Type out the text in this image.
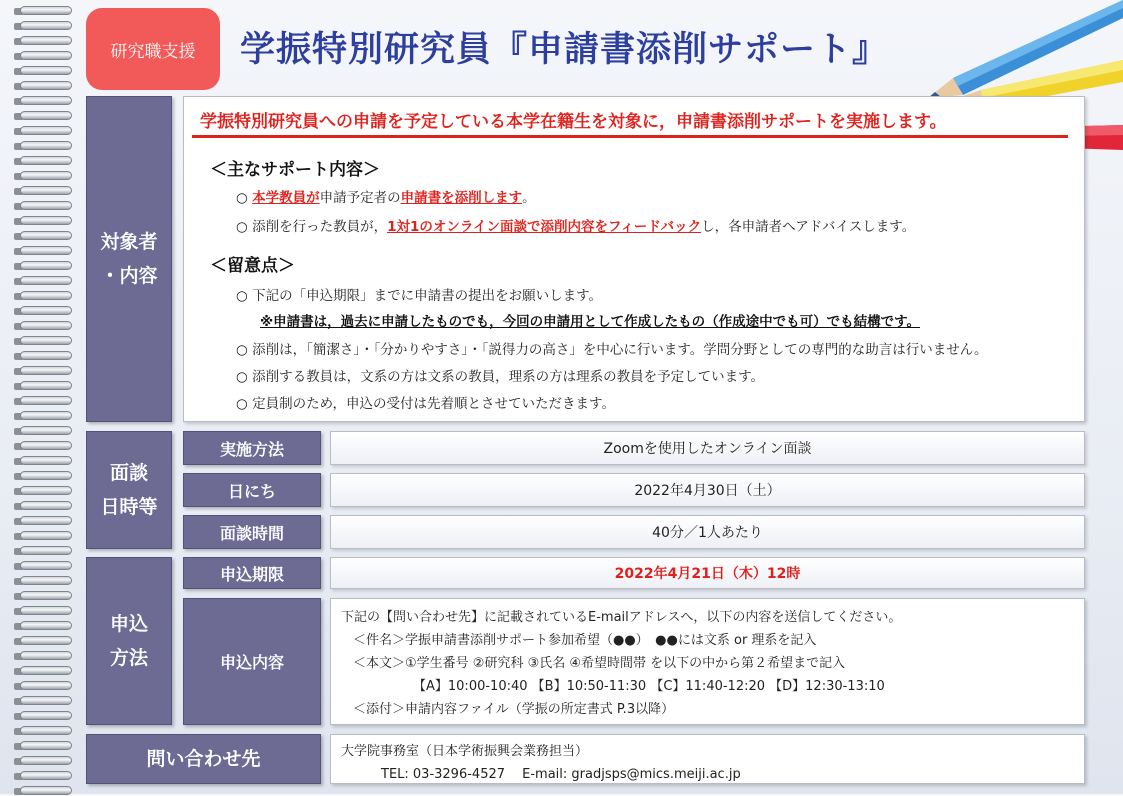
研究職支援	学振特別研究員『申請書添削サポート』
対象者
・内容
学振特別研究員への申請を予定している本学在籍生を対象に，申請書添削サポートを実施します。
＜主なサポート内容＞
○ 本学教員が申請予定者の申請書を添削します。
○ 添削を行った教員が，1対1のオンライン面談で添削内容をフィードバックし，各申請者へアドバイスします。
＜留意点＞
○ 下記の「申込期限」までに申請書の提出をお願いします。
※申請書は，過去に申請したものでも，今回の申請用として作成したもの（作成途中でも可）でも結構です。
○ 添削は，「簡潔さ」・「分かりやすさ」・「説得力の高さ」を中心に行います。学問分野としての専門的な助言は行いません。
○ 添削する教員は，文系の方は文系の教員，理系の方は理系の教員を予定しています。
○ 定員制のため，申込の受付は先着順とさせていただきます。
面談
日時等
実施方法	Zoomを使用したオンライン面談
日にち	2022年4月30日（土）
面談時間	40分／1人あたり
申込
方法
申込期限	2022年4月21日（木）12時
申込内容
下記の【問い合わせ先】に記載されているE-mailアドレスへ，以下の内容を送信してください。
＜件名＞学振申請書添削サポート参加希望（●●）　●●には文系 or 理系を記入
＜本文＞①学生番号 ②研究科 ③氏名 ④希望時間帯 を以下の中から第２希望まで記入
【A】10:00-10:40 【B】10:50-11:30 【C】11:40-12:20 【D】12:30-13:10
＜添付＞申請内容ファイル（学振の所定書式 P.3以降）
問い合わせ先	大学院事務室（日本学術振興会業務担当）
TEL: 03-3296-4527　 E-mail: gradjsps@mics.meiji.ac.jp
